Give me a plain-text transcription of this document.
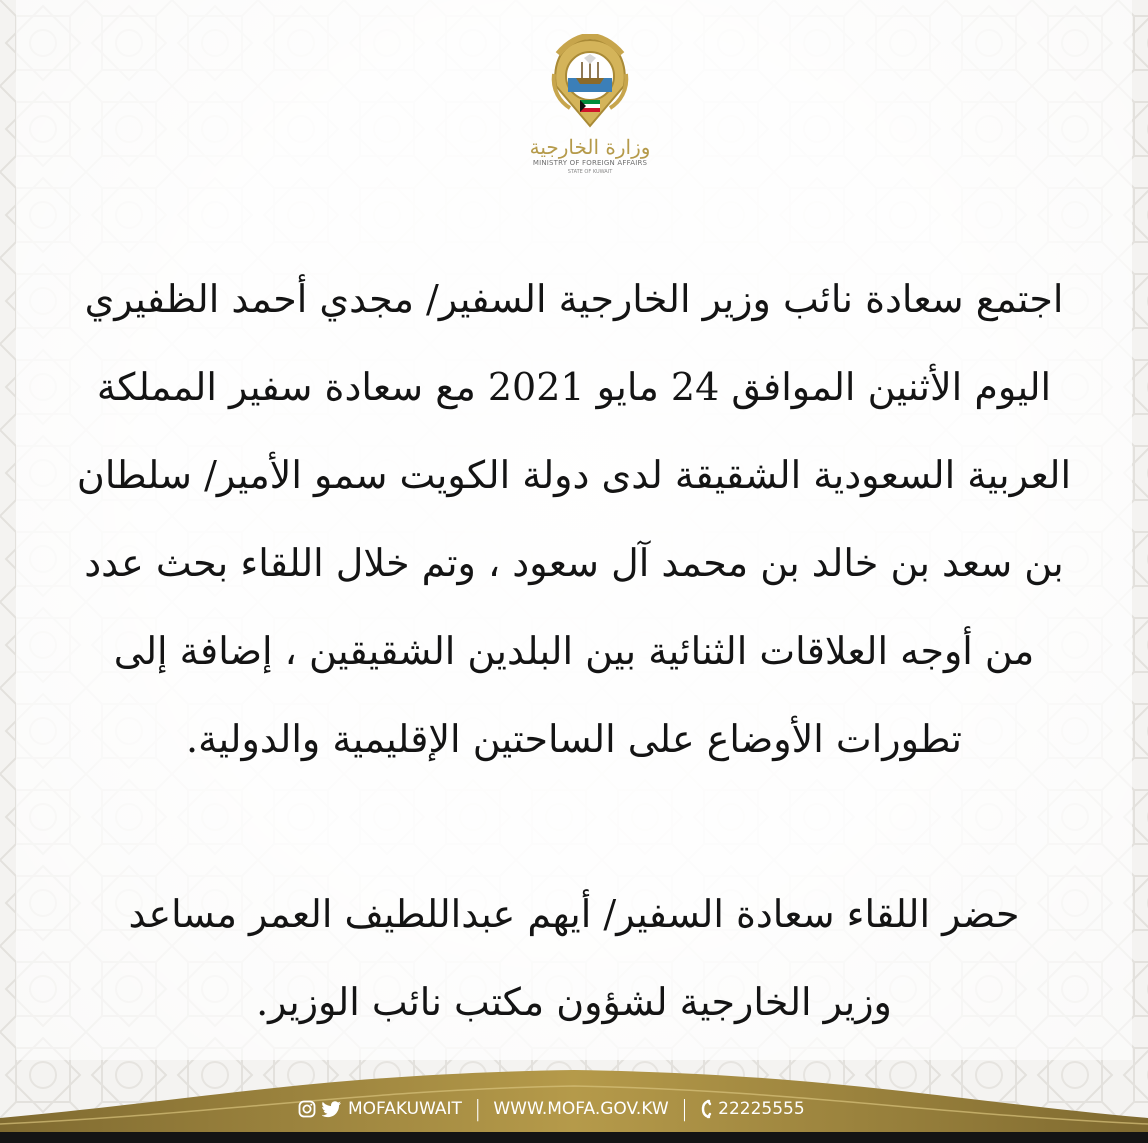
وزارة الخارجية
MINISTRY OF FOREIGN AFFAIRS
STATE OF KUWAIT

اجتمع سعادة نائب وزير الخارجية السفير/ مجدي أحمد الظفيري اليوم الأثنين الموافق 24 مايو 2021 مع سعادة سفير المملكة العربية السعودية الشقيقة لدى دولة الكويت سمو الأمير/ سلطان بن سعد بن خالد بن محمد آل سعود ، وتم خلال اللقاء بحث عدد من أوجه العلاقات الثنائية بين البلدين الشقيقين ، إضافة إلى تطورات الأوضاع على الساحتين الإقليمية والدولية.

حضر اللقاء سعادة السفير/ أيهم عبداللطيف العمر مساعد وزير الخارجية لشؤون مكتب نائب الوزير.

MOFAKUWAIT | WWW.MOFA.GOV.KW | 22225555
